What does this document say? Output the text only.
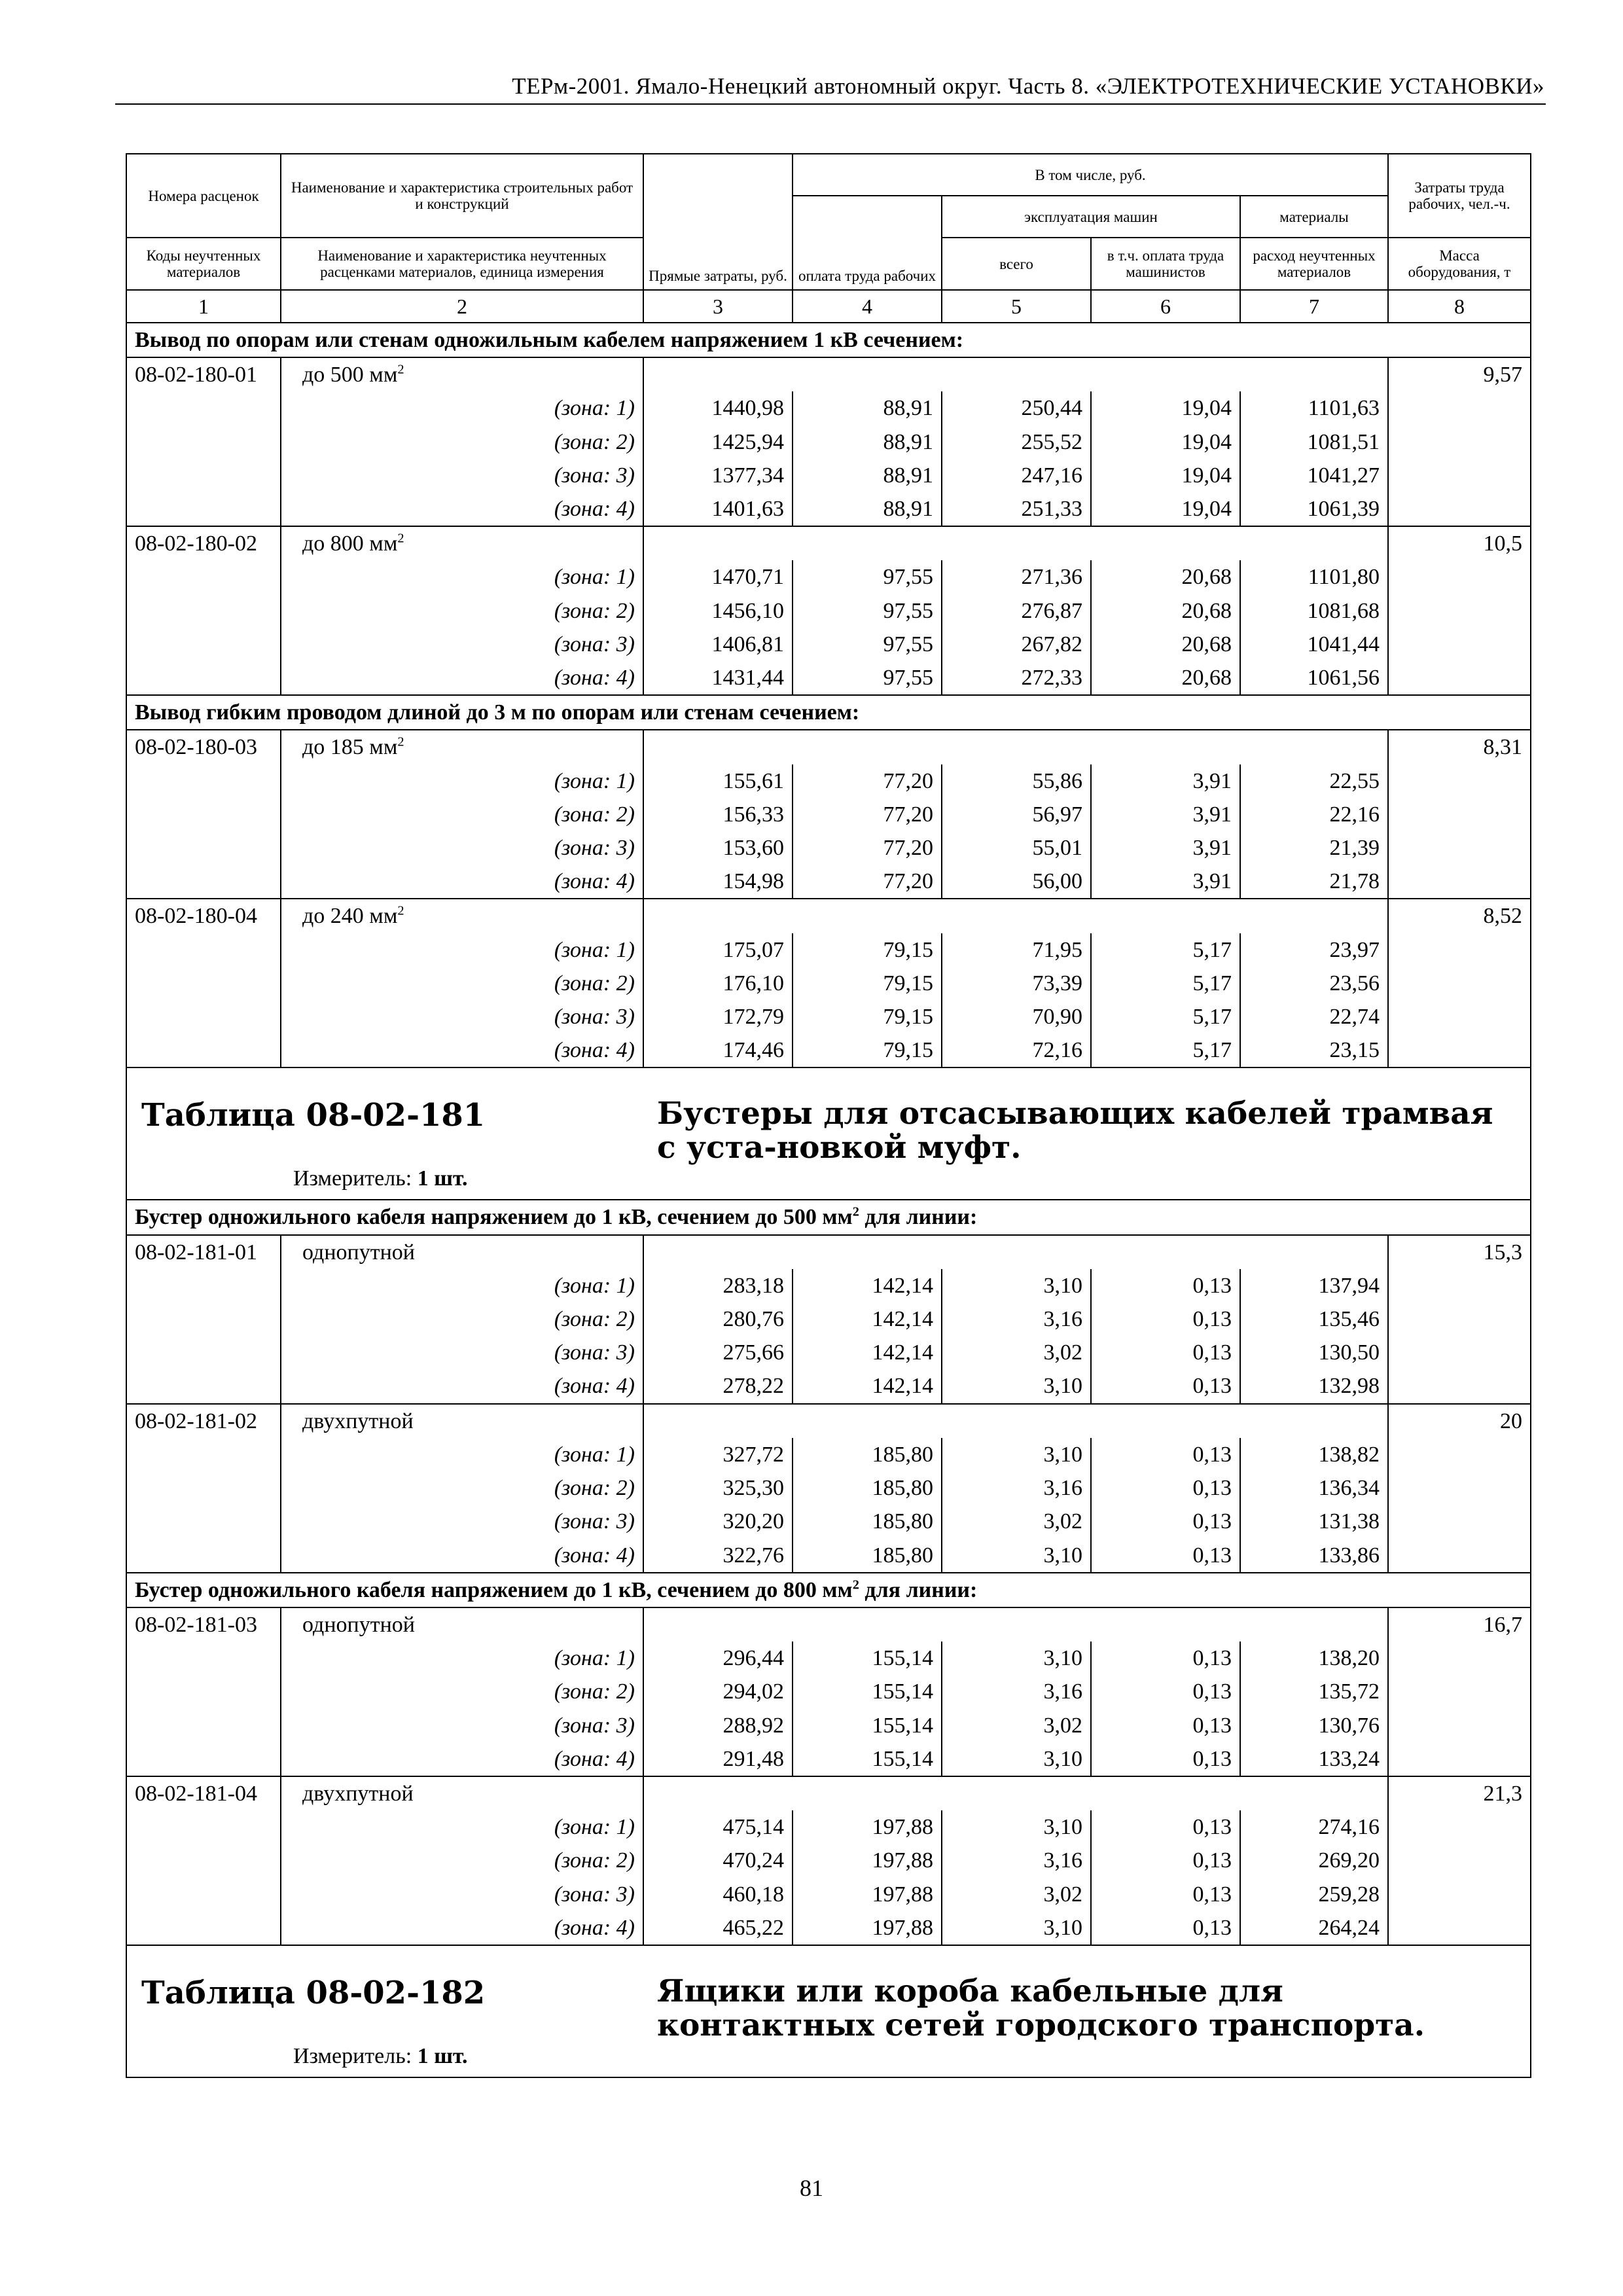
ТЕРм-2001. Ямало-Ненецкий автономный округ. Часть 8. «ЭЛЕКТРОТЕХНИЧЕСКИЕ УСТАНОВКИ»
Номера расценок	Наименование и характеристика строительных работ и конструкций	Прямые затраты, руб.	В том числе, руб.				Затраты труда рабочих, чел.-ч.
			оплата труда рабочих	эксплуатация машин		материалы	
Коды неучтенных материалов	Наименование и характеристика неучтенных расценками материалов, единица измерения			всего	в т.ч. оплата труда машинистов	расход неучтенных материалов	Масса оборудования, т
1	2	3	4	5	6	7	8
Вывод по опорам или стенам одножильным кабелем напряжением 1 кВ сечением:							
08-02-180-01	до 500 $мм^2$						9,57
	(зона: 1)	1440,98	88,91	250,44	19,04	1101,63	
	(зона: 2)	1425,94	88,91	255,52	19,04	1081,51	
	(зона: 3)	1377,34	88,91	247,16	19,04	1041,27	
	(зона: 4)	1401,63	88,91	251,33	19,04	1061,39	
08-02-180-02	до 800 $мм^2$						10,5
	(зона: 1)	1470,71	97,55	271,36	20,68	1101,80	
	(зона: 2)	1456,10	97,55	276,87	20,68	1081,68	
	(зона: 3)	1406,81	97,55	267,82	20,68	1041,44	
	(зона: 4)	1431,44	97,55	272,33	20,68	1061,56	
Вывод гибким проводом длиной до 3 м по опорам или стенам сечением:							
08-02-180-03	до 185 $мм^2$						8,31
	(зона: 1)	155,61	77,20	55,86	3,91	22,55	
	(зона: 2)	156,33	77,20	56,97	3,91	22,16	
	(зона: 3)	153,60	77,20	55,01	3,91	21,39	
	(зона: 4)	154,98	77,20	56,00	3,91	21,78	
08-02-180-04	до 240 $мм^2$						8,52
	(зона: 1)	175,07	79,15	71,95	5,17	23,97	
	(зона: 2)	176,10	79,15	73,39	5,17	23,56	
	(зона: 3)	172,79	79,15	70,90	5,17	22,74	
	(зона: 4)	174,46	79,15	72,16	5,17	23,15	

Таблица 08-02-181 Бустеры для отсасывающих кабелей трамвая с уста-новкой муфт.
Измеритель: 1 шт.							

Бустер одножильного кабеля напряжением до 1 кВ, сечением до 500 $мм^2$ для линии:							
08-02-181-01	однопутной						15,3
	(зона: 1)	283,18	142,14	3,10	0,13	137,94	
	(зона: 2)	280,76	142,14	3,16	0,13	135,46	
	(зона: 3)	275,66	142,14	3,02	0,13	130,50	
	(зона: 4)	278,22	142,14	3,10	0,13	132,98	
08-02-181-02	двухпутной						20
	(зона: 1)	327,72	185,80	3,10	0,13	138,82	
	(зона: 2)	325,30	185,80	3,16	0,13	136,34	
	(зона: 3)	320,20	185,80	3,02	0,13	131,38	
	(зона: 4)	322,76	185,80	3,10	0,13	133,86	
Бустер одножильного кабеля напряжением до 1 кВ, сечением до 800 $мм^2$ для линии:							
08-02-181-03	однопутной						16,7
	(зона: 1)	296,44	155,14	3,10	0,13	138,20	
	(зона: 2)	294,02	155,14	3,16	0,13	135,72	
	(зона: 3)	288,92	155,14	3,02	0,13	130,76	
	(зона: 4)	291,48	155,14	3,10	0,13	133,24	
08-02-181-04	двухпутной						21,3
	(зона: 1)	475,14	197,88	3,10	0,13	274,16	
	(зона: 2)	470,24	197,88	3,16	0,13	269,20	
	(зона: 3)	460,18	197,88	3,02	0,13	259,28	
	(зона: 4)	465,22	197,88	3,10	0,13	264,24	

Таблица 08-02-182 Ящики или короба кабельные для контактных сетей городского транспорта.
Измеритель: 1 шт.							
81
